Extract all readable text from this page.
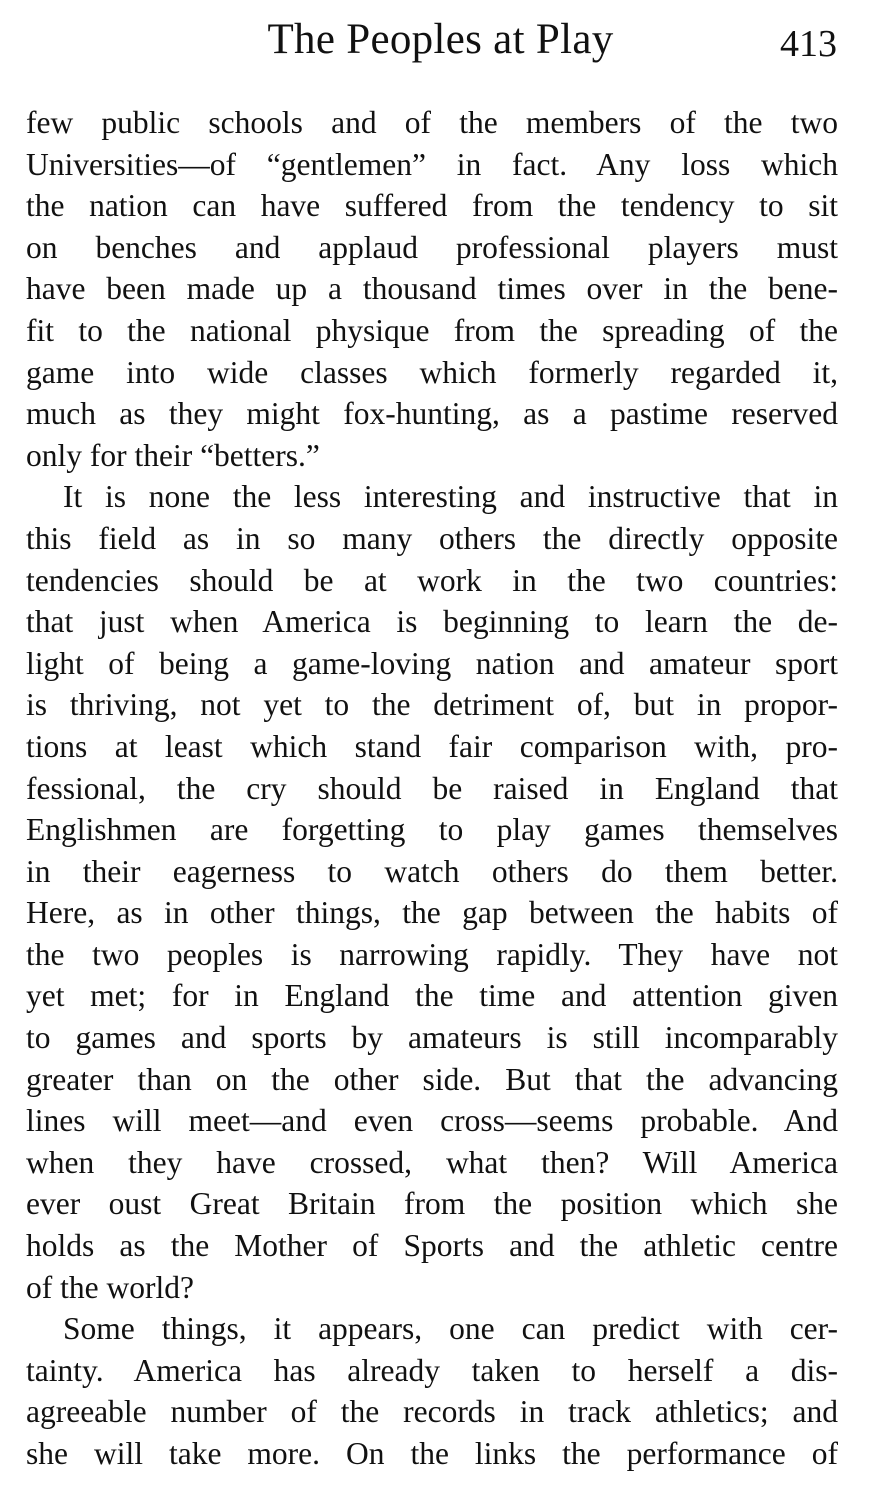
The Peoples at Play	413
few public schools and of the members of the two
Universities—of “gentlemen” in fact. Any loss which
the nation can have suffered from the tendency to sit
on benches and applaud professional players must
have been made up a thousand times over in the bene-
fit to the national physique from the spreading of the
game into wide classes which formerly regarded it,
much as they might fox-hunting, as a pastime reserved
only for their “betters.”
It is none the less interesting and instructive that in
this field as in so many others the directly opposite
tendencies should be at work in the two countries:
that just when America is beginning to learn the de-
light of being a game-loving nation and amateur sport
is thriving, not yet to the detriment of, but in propor-
tions at least which stand fair comparison with, pro-
fessional, the cry should be raised in England that
Englishmen are forgetting to play games themselves
in their eagerness to watch others do them better.
Here, as in other things, the gap between the habits of
the two peoples is narrowing rapidly. They have not
yet met; for in England the time and attention given
to games and sports by amateurs is still incomparably
greater than on the other side. But that the advancing
lines will meet—and even cross—seems probable. And
when they have crossed, what then? Will America
ever oust Great Britain from the position which she
holds as the Mother of Sports and the athletic centre
of the world?
Some things, it appears, one can predict with cer-
tainty. America has already taken to herself a dis-
agreeable number of the records in track athletics; and
she will take more. On the links the performance of
